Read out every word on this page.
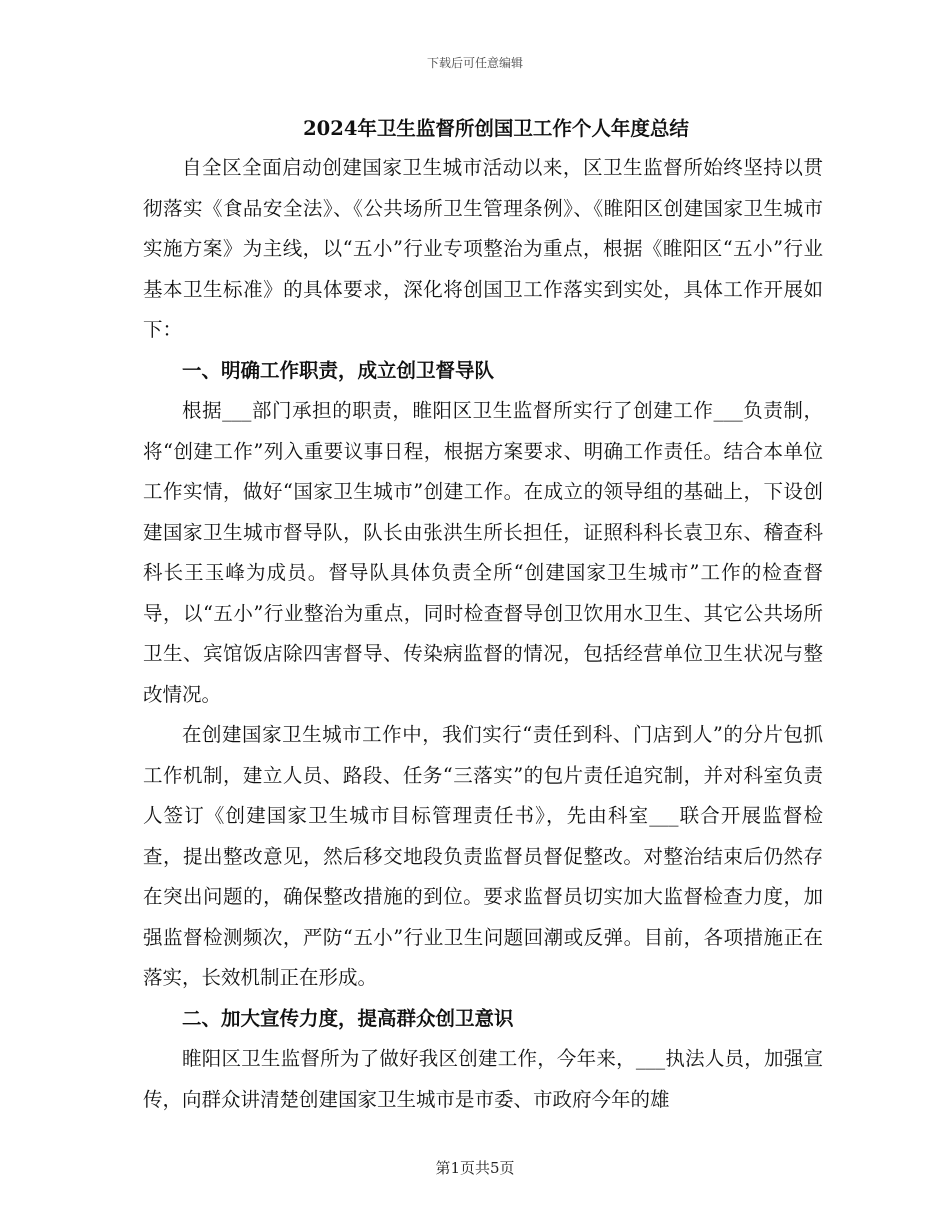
下载后可任意编辑
2024年卫生监督所创国卫工作个人年度总结

自全区全面启动创建国家卫生城市活动以来，区卫生监督所始终坚持以贯彻落实《食品安全法》、《公共场所卫生管理条例》、《睢阳区创建国家卫生城市实施方案》为主线，以“五小”行业专项整治为重点，根据《睢阳区“五小”行业基本卫生标准》的具体要求，深化将创国卫工作落实到实处，具体工作开展如下：

一、明确工作职责，成立创卫督导队

根据___部门承担的职责，睢阳区卫生监督所实行了创建工作___负责制，将“创建工作”列入重要议事日程，根据方案要求、明确工作责任。结合本单位工作实情，做好“国家卫生城市”创建工作。在成立的领导组的基础上，下设创建国家卫生城市督导队，队长由张洪生所长担任，证照科科长袁卫东、稽查科科长王玉峰为成员。督导队具体负责全所“创建国家卫生城市”工作的检查督导，以“五小”行业整治为重点，同时检查督导创卫饮用水卫生、其它公共场所卫生、宾馆饭店除四害督导、传染病监督的情况，包括经营单位卫生状况与整改情况。

在创建国家卫生城市工作中，我们实行“责任到科、门店到人”的分片包抓工作机制，建立人员、路段、任务“三落实”的包片责任追究制，并对科室负责人签订《创建国家卫生城市目标管理责任书》，先由科室___联合开展监督检查，提出整改意见，然后移交地段负责监督员督促整改。对整治结束后仍然存在突出问题的，确保整改措施的到位。要求监督员切实加大监督检查力度，加强监督检测频次，严防“五小”行业卫生问题回潮或反弹。目前，各项措施正在落实，长效机制正在形成。

二、加大宣传力度，提高群众创卫意识

睢阳区卫生监督所为了做好我区创建工作，今年来，___执法人员，加强宣传，向群众讲清楚创建国家卫生城市是市委、市政府今年的雄

第1页共5页
